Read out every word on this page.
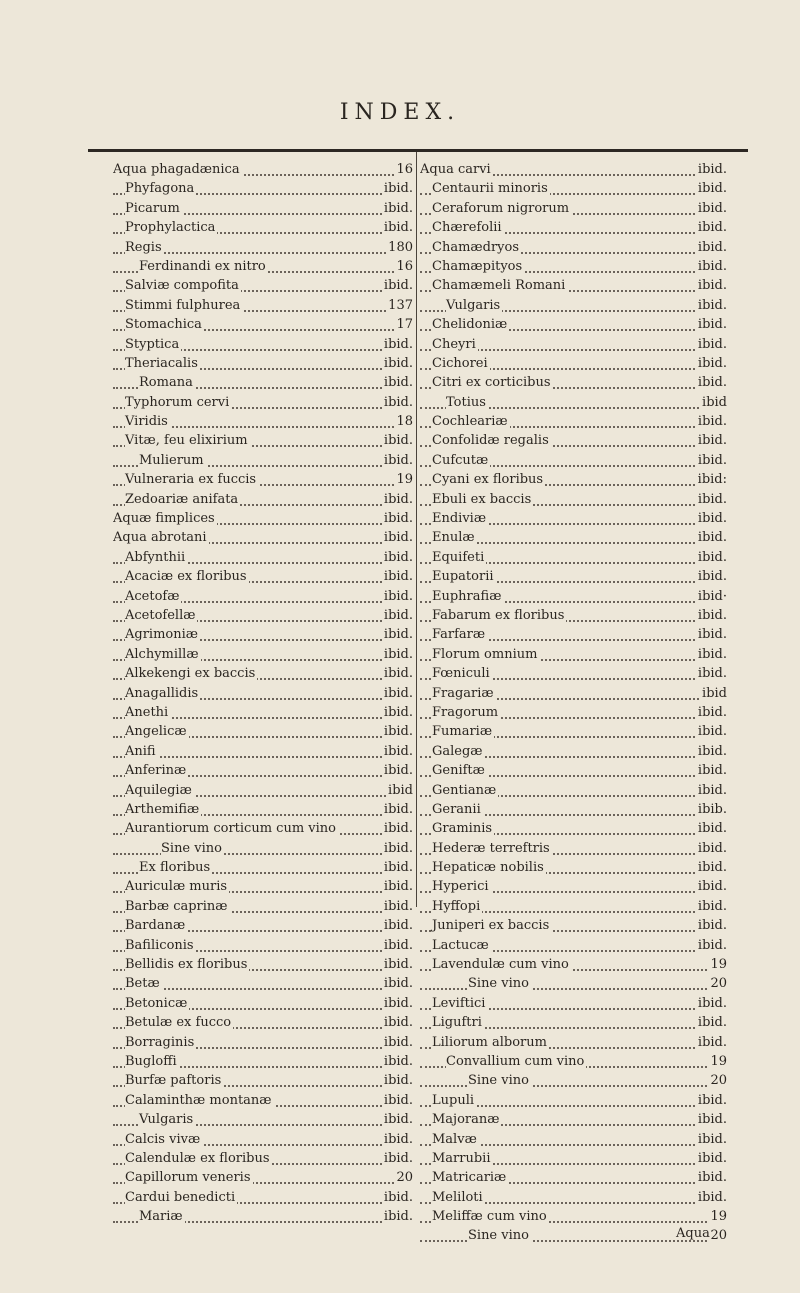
INDEX.
Aqua phagadænica	16
Phyfagona	ibid.
Picarum	ibid.
Prophylactica	ibid.
Regis	180
Ferdinandi ex nitro	16
Salviæ compofita	ibid.
Stimmi fulphurea	137
Stomachica	17
Styptica	ibid.
Theriacalis	ibid.
Romana	ibid.
Typhorum cervi	ibid.
Viridis	18
Vitæ, feu elixirium	ibid.
Mulierum	ibid.
Vulneraria ex fuccis	19
Zedoariæ anifata	ibid.
Aquæ fimplices	ibid.
Aqua abrotani	ibid.
Abfynthii	ibid.
Acaciæ ex floribus	ibid.
Acetofæ	ibid.
Acetofellæ	ibid.
Agrimoniæ	ibid.
Alchymillæ	ibid.
Alkekengi ex baccis	ibid.
Anagallidis	ibid.
Anethi	ibid.
Angelicæ	ibid.
Anifi	ibid.
Anferinæ	ibid.
Aquilegiæ	ibid
Arthemifiæ	ibid.
Aurantiorum corticum cum vino	ibid.
Sine vino	ibid.
Ex floribus	ibid.
Auriculæ muris	ibid.
Barbæ caprinæ	ibid.
Bardanæ	ibid.
Bafiliconis	ibid.
Bellidis ex floribus	ibid.
Betæ	ibid.
Betonicæ	ibid.
Betulæ ex fucco	ibid.
Borraginis	ibid.
Bugloffi	ibid.
Burfæ paftoris	ibid.
Calaminthæ montanæ	ibid.
Vulgaris	ibid.
Calcis vivæ	ibid.
Calendulæ ex floribus	ibid.
Capillorum veneris	20
Cardui benedicti	ibid.
Mariæ	ibid.
Aqua carvi	ibid.
Centaurii minoris	ibid.
Ceraforum nigrorum	ibid.
Chærefolii	ibid.
Chamædryos	ibid.
Chamæpityos	ibid.
Chamæmeli Romani	ibid.
Vulgaris	ibid.
Chelidoniæ	ibid.
Cheyri	ibid.
Cichorei	ibid.
Citri ex corticibus	ibid.
Totius	ibid
Cochleariæ	ibid.
Confolidæ regalis	ibid.
Cufcutæ	ibid.
Cyani ex floribus	ibid:
Ebuli ex baccis	ibid.
Endiviæ	ibid.
Enulæ	ibid.
Equifeti	ibid.
Eupatorii	ibid.
Euphrafiæ	ibid·
Fabarum ex floribus	ibid.
Farfaræ	ibid.
Florum omnium	ibid.
Fœniculi	ibid.
Fragariæ	ibid
Fragorum	ibid.
Fumariæ	ibid.
Galegæ	ibid.
Geniftæ	ibid.
Gentianæ	ibid.
Geranii	ibib.
Graminis	ibid.
Hederæ terreftris	ibid.
Hepaticæ nobilis	ibid.
Hyperici	ibid.
Hyffopi	ibid.
Juniperi ex baccis	ibid.
Lactucæ	ibid.
Lavendulæ cum vino	19
Sine vino	20
Leviftici	ibid.
Liguftri	ibid.
Liliorum alborum	ibid.
Convallium cum vino	19
Sine vino	20
Lupuli	ibid.
Majoranæ	ibid.
Malvæ	ibid.
Marrubii	ibid.
Matricariæ	ibid.
Meliloti	ibid.
Meliffæ cum vino	19
Sine vino	20
Aqua
